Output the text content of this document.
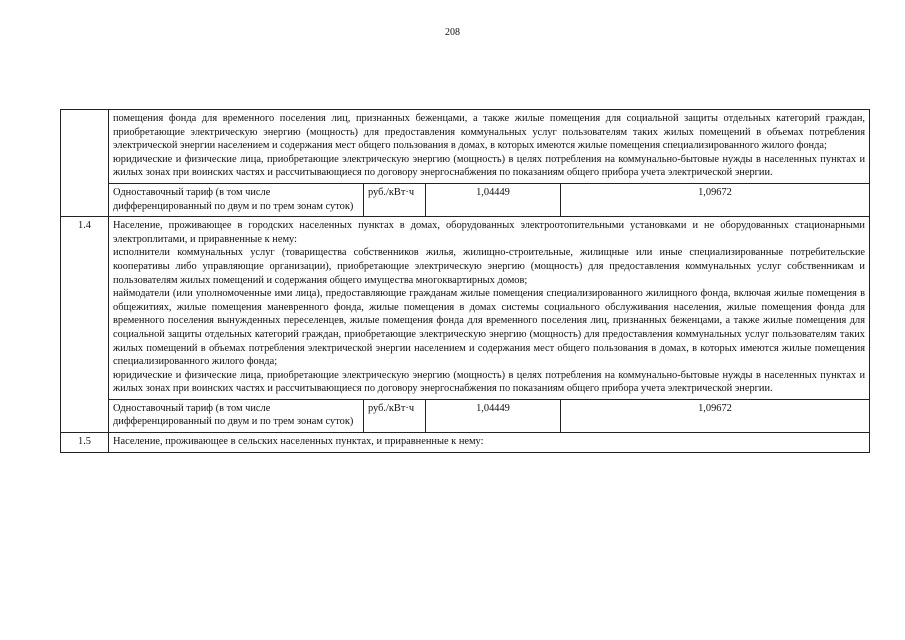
208

	помещения фонда для временного поселения лиц, признанных беженцами, а также жилые помещения для социальной защиты отдельных категорий граждан, приобретающие электрическую энергию (мощность) для предоставления коммунальных услуг пользователям таких жилых помещений в объемах потребления электрической энергии населением и содержания мест общего пользования в домах, в которых имеются жилые помещения специализированного жилого фонда;

юридические и физические лица, приобретающие электрическую энергию (мощность) в целях потребления на коммунально-бытовые нужды в населенных пунктах и жилых зонах при воинских частях и рассчитывающиеся по договору энергоснабжения по показаниям общего прибора учета электрической энергии.			

	Одноставочный тариф (в том числе дифференцированный по двум и по трем зонам суток)	руб./кВт·ч	1,04449	1,09672
1.4	Население, проживающее в городских населенных пунктах в домах, оборудованных электроотопительными установками и не оборудованных стационарными электроплитами, и приравненные к нему:

исполнители коммунальных услуг (товарищества собственников жилья, жилищно-строительные, жилищные или иные специализированные потребительские кооперативы либо управляющие организации), приобретающие электрическую энергию (мощность) для предоставления коммунальных услуг собственникам и пользователям жилых помещений и содержания общего имущества многоквартирных домов;

наймодатели (или уполномоченные ими лица), предоставляющие гражданам жилые помещения специализированного жилищного фонда, включая жилые помещения в общежитиях, жилые помещения маневренного фонда, жилые помещения в домах системы социального обслуживания населения, жилые помещения фонда для временного поселения вынужденных переселенцев, жилые помещения фонда для временного поселения лиц, признанных беженцами, а также жилые помещения для социальной защиты отдельных категорий граждан, приобретающие электрическую энергию (мощность) для предоставления коммунальных услуг пользователям таких жилых помещений в объемах потребления электрической энергии населением и содержания мест общего пользования в домах, в которых имеются жилые помещения специализированного жилого фонда;

юридические и физические лица, приобретающие электрическую энергию (мощность) в целях потребления на коммунально-бытовые нужды в населенных пунктах и жилых зонах при воинских частях и рассчитывающиеся по договору энергоснабжения по показаниям общего прибора учета электрической энергии.			

	Одноставочный тариф (в том числе дифференцированный по двум и по трем зонам суток)	руб./кВт·ч	1,04449	1,09672
1.5	Население, проживающее в сельских населенных пунктах, и приравненные к нему:			
